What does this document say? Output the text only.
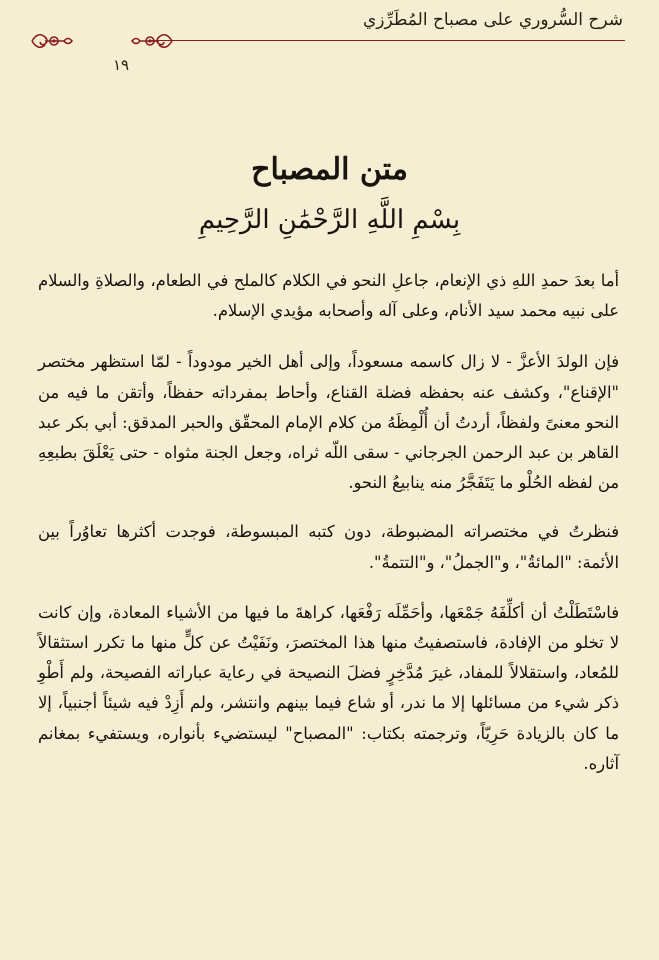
شرح السُّروري على مصباح المُطَرِّزي
١٩
متن المصباح
بِسْمِ اللَّهِ الرَّحْمَٰنِ الرَّحِيمِ

أما بعدَ حمدِ اللهِ ذي الإنعام، جاعلِ النحو في الكلام كالملح في الطعام، والصلاةِ والسلام على نبيه محمد سيد الأنام، وعلى آله وأصحابه مؤيدي الإسلام.

فإن الولدَ الأعزَّ - لا زال كاسمه مسعوداً، وإلى أهل الخير مودوداً - لمّا استظهر مختصر "الإقناع"، وكشف عنه بحفظه فضلة القناع، وأحاط بمفرداته حفظاً، وأتقن ما فيه من النحو معنىً ولفظاً، أردتُ أن أُلْمِظَهُ من كلام الإمام المحقّق والحبر المدقق: أبي بكر عبد القاهر بن عبد الرحمن الجرجاني - سقى اللّه ثراه، وجعل الجنة مثواه - حتى يَعْلَقَ بطبعِهِ من لفظه الحُلْو ما يَتَفَجَّرُ منه ينابيعُ النحو.

فنظرتُ في مختصراته المضبوطة، دون كتبه المبسوطة، فوجدت أكثرها تعاوُراً بين الأئمة: "المائةُ"، و"الجملُ"، و"التتمةُ".

فاسْتَطَلْتُ أن أكلِّفَهُ جَمْعَها، وأحَمِّلَه رَفْعَها، كراهةَ ما فيها من الأشياء المعادة، وإن كانت لا تخلو من الإفادة، فاستصفيتُ منها هذا المختصرَ، ونَفَيْتُ عن كلٍّ منها ما تكرر استثقالاً للمُعاد، واستقلالاً للمفاد، غيرَ مُدَّخِرٍ فضلَ النصيحة في رعاية عباراته الفصيحة، ولم أَطْوِ ذكر شيء من مسائلها إلا ما ندر، أو شاع فيما بينهم وانتشر، ولم أَزِدْ فيه شيئاً أجنبياً، إلا ما كان بالزيادة حَرِيّاً، وترجمته بكتاب: "المصباح" ليستضيء بأنواره، ويستفيء بمغانم آثاره.
